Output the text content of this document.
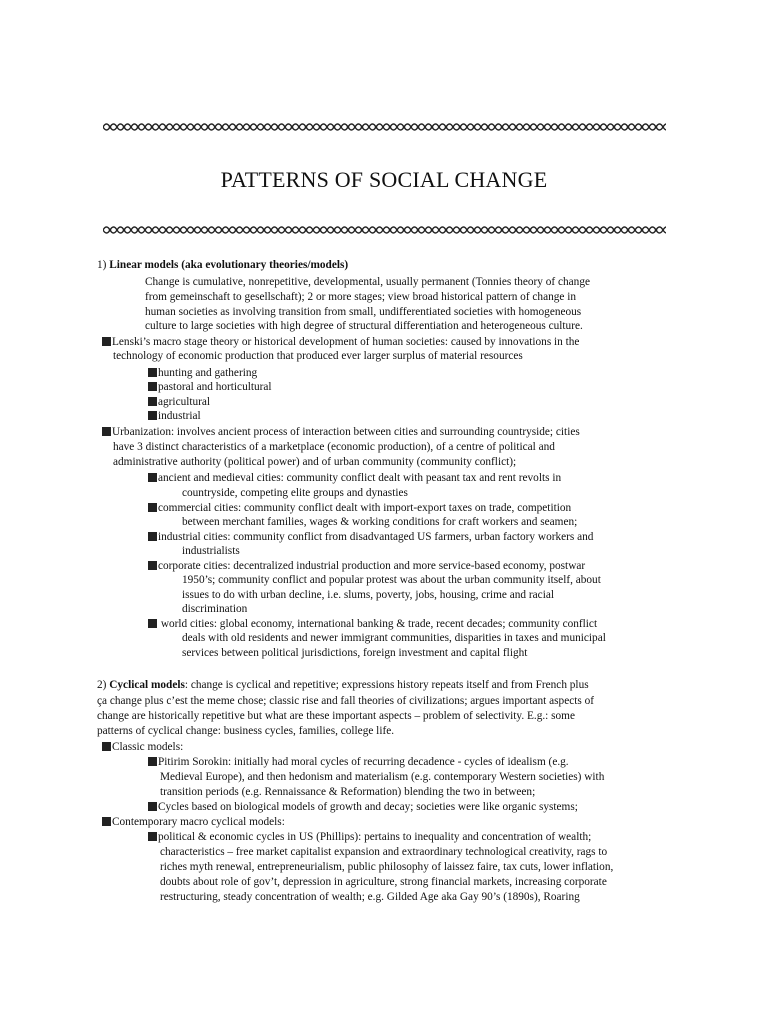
PATTERNS OF SOCIAL CHANGE
1) Linear models (aka evolutionary theories/models)
Change is cumulative, nonrepetitive, developmental, usually permanent (Tonnies theory of change
from gemeinschaft to gesellschaft); 2 or more stages; view broad historical pattern of change in
human societies as involving transition from small, undifferentiated societies with homogeneous
culture to large societies with high degree of structural differentiation and heterogeneous culture.
Lenski’s macro stage theory or historical development of human societies: caused by innovations in the
technology of economic production that produced ever larger surplus of material resources
hunting and gathering
pastoral and horticultural
agricultural
industrial
Urbanization: involves ancient process of interaction between cities and surrounding countryside; cities
have 3 distinct characteristics of a marketplace (economic production), of a centre of political and
administrative authority (political power) and of urban community (community conflict);
ancient and medieval cities: community conflict dealt with peasant tax and rent revolts in
countryside, competing elite groups and dynasties
commercial cities: community conflict dealt with import-export taxes on trade, competition
between merchant families, wages & working conditions for craft workers and seamen;
industrial cities: community conflict from disadvantaged US farmers, urban factory workers and
industrialists
corporate cities: decentralized industrial production and more service-based economy, postwar
1950’s; community conflict and popular protest was about the urban community itself, about
issues to do with urban decline, i.e. slums, poverty, jobs, housing, crime and racial
discrimination
world cities: global economy, international banking & trade, recent decades; community conflict
deals with old residents and newer immigrant communities, disparities in taxes and municipal
services between political jurisdictions, foreign investment and capital flight
2) Cyclical models: change is cyclical and repetitive; expressions history repeats itself and from French plus
ça change plus c’est the meme chose; classic rise and fall theories of civilizations; argues important aspects of
change are historically repetitive but what are these important aspects – problem of selectivity. E.g.: some
patterns of cyclical change: business cycles, families, college life.
Classic models:
Pitirim Sorokin: initially had moral cycles of recurring decadence - cycles of idealism (e.g.
Medieval Europe), and then hedonism and materialism (e.g. contemporary Western societies) with
transition periods (e.g. Rennaissance & Reformation) blending the two in between;
Cycles based on biological models of growth and decay; societies were like organic systems;
Contemporary macro cyclical models:
political & economic cycles in US (Phillips): pertains to inequality and concentration of wealth;
characteristics – free market capitalist expansion and extraordinary technological creativity, rags to
riches myth renewal, entrepreneurialism, public philosophy of laissez faire, tax cuts, lower inflation,
doubts about role of gov’t, depression in agriculture, strong financial markets, increasing corporate
restructuring, steady concentration of wealth; e.g. Gilded Age aka Gay 90’s (1890s), Roaring
